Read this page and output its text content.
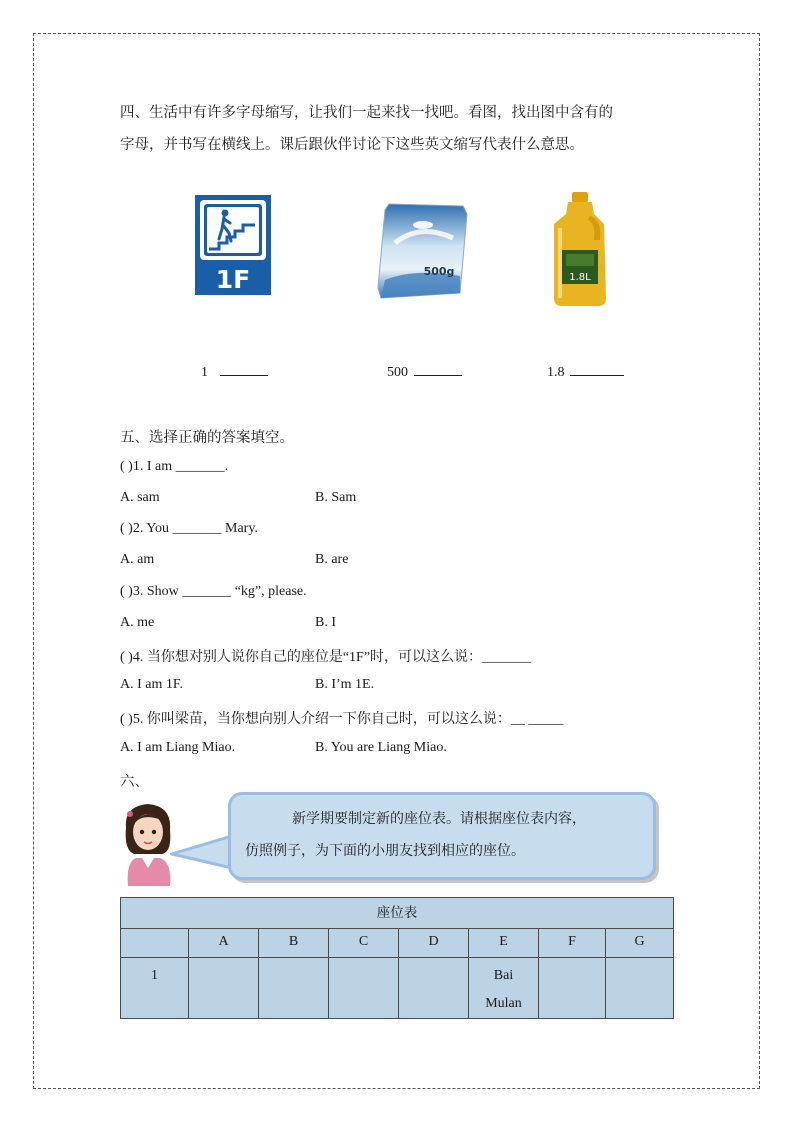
四、生活中有许多字母缩写，让我们一起来找一找吧。看图，找出图中含有的
字母，并书写在横线上。课后跟伙伴讨论下这些英文缩写代表什么意思。
1F	500g	1.8L
1	500	1.8
五、选择正确的答案填空。
( )1. I am _______.
A. sam	B. Sam
( )2. You _______ Mary.
A. am	B. are
( )3. Show _______ “kg”, please.
A. me	B. I
( )4. 当你想对别人说你自己的座位是“1F”时，可以这么说：_______
A. I am 1F.	B. I’m 1E.
( )5. 你叫梁苗，当你想向别人介绍一下你自己时，可以这么说：__ _____
A. I am Liang Miao.	B. You are Liang Miao.
六、
新学期要制定新的座位表。请根据座位表内容，
仿照例子，为下面的小朋友找到相应的座位。
座位表							
	A	B	C	D	E	F	G
1					Bai
Mulan		
